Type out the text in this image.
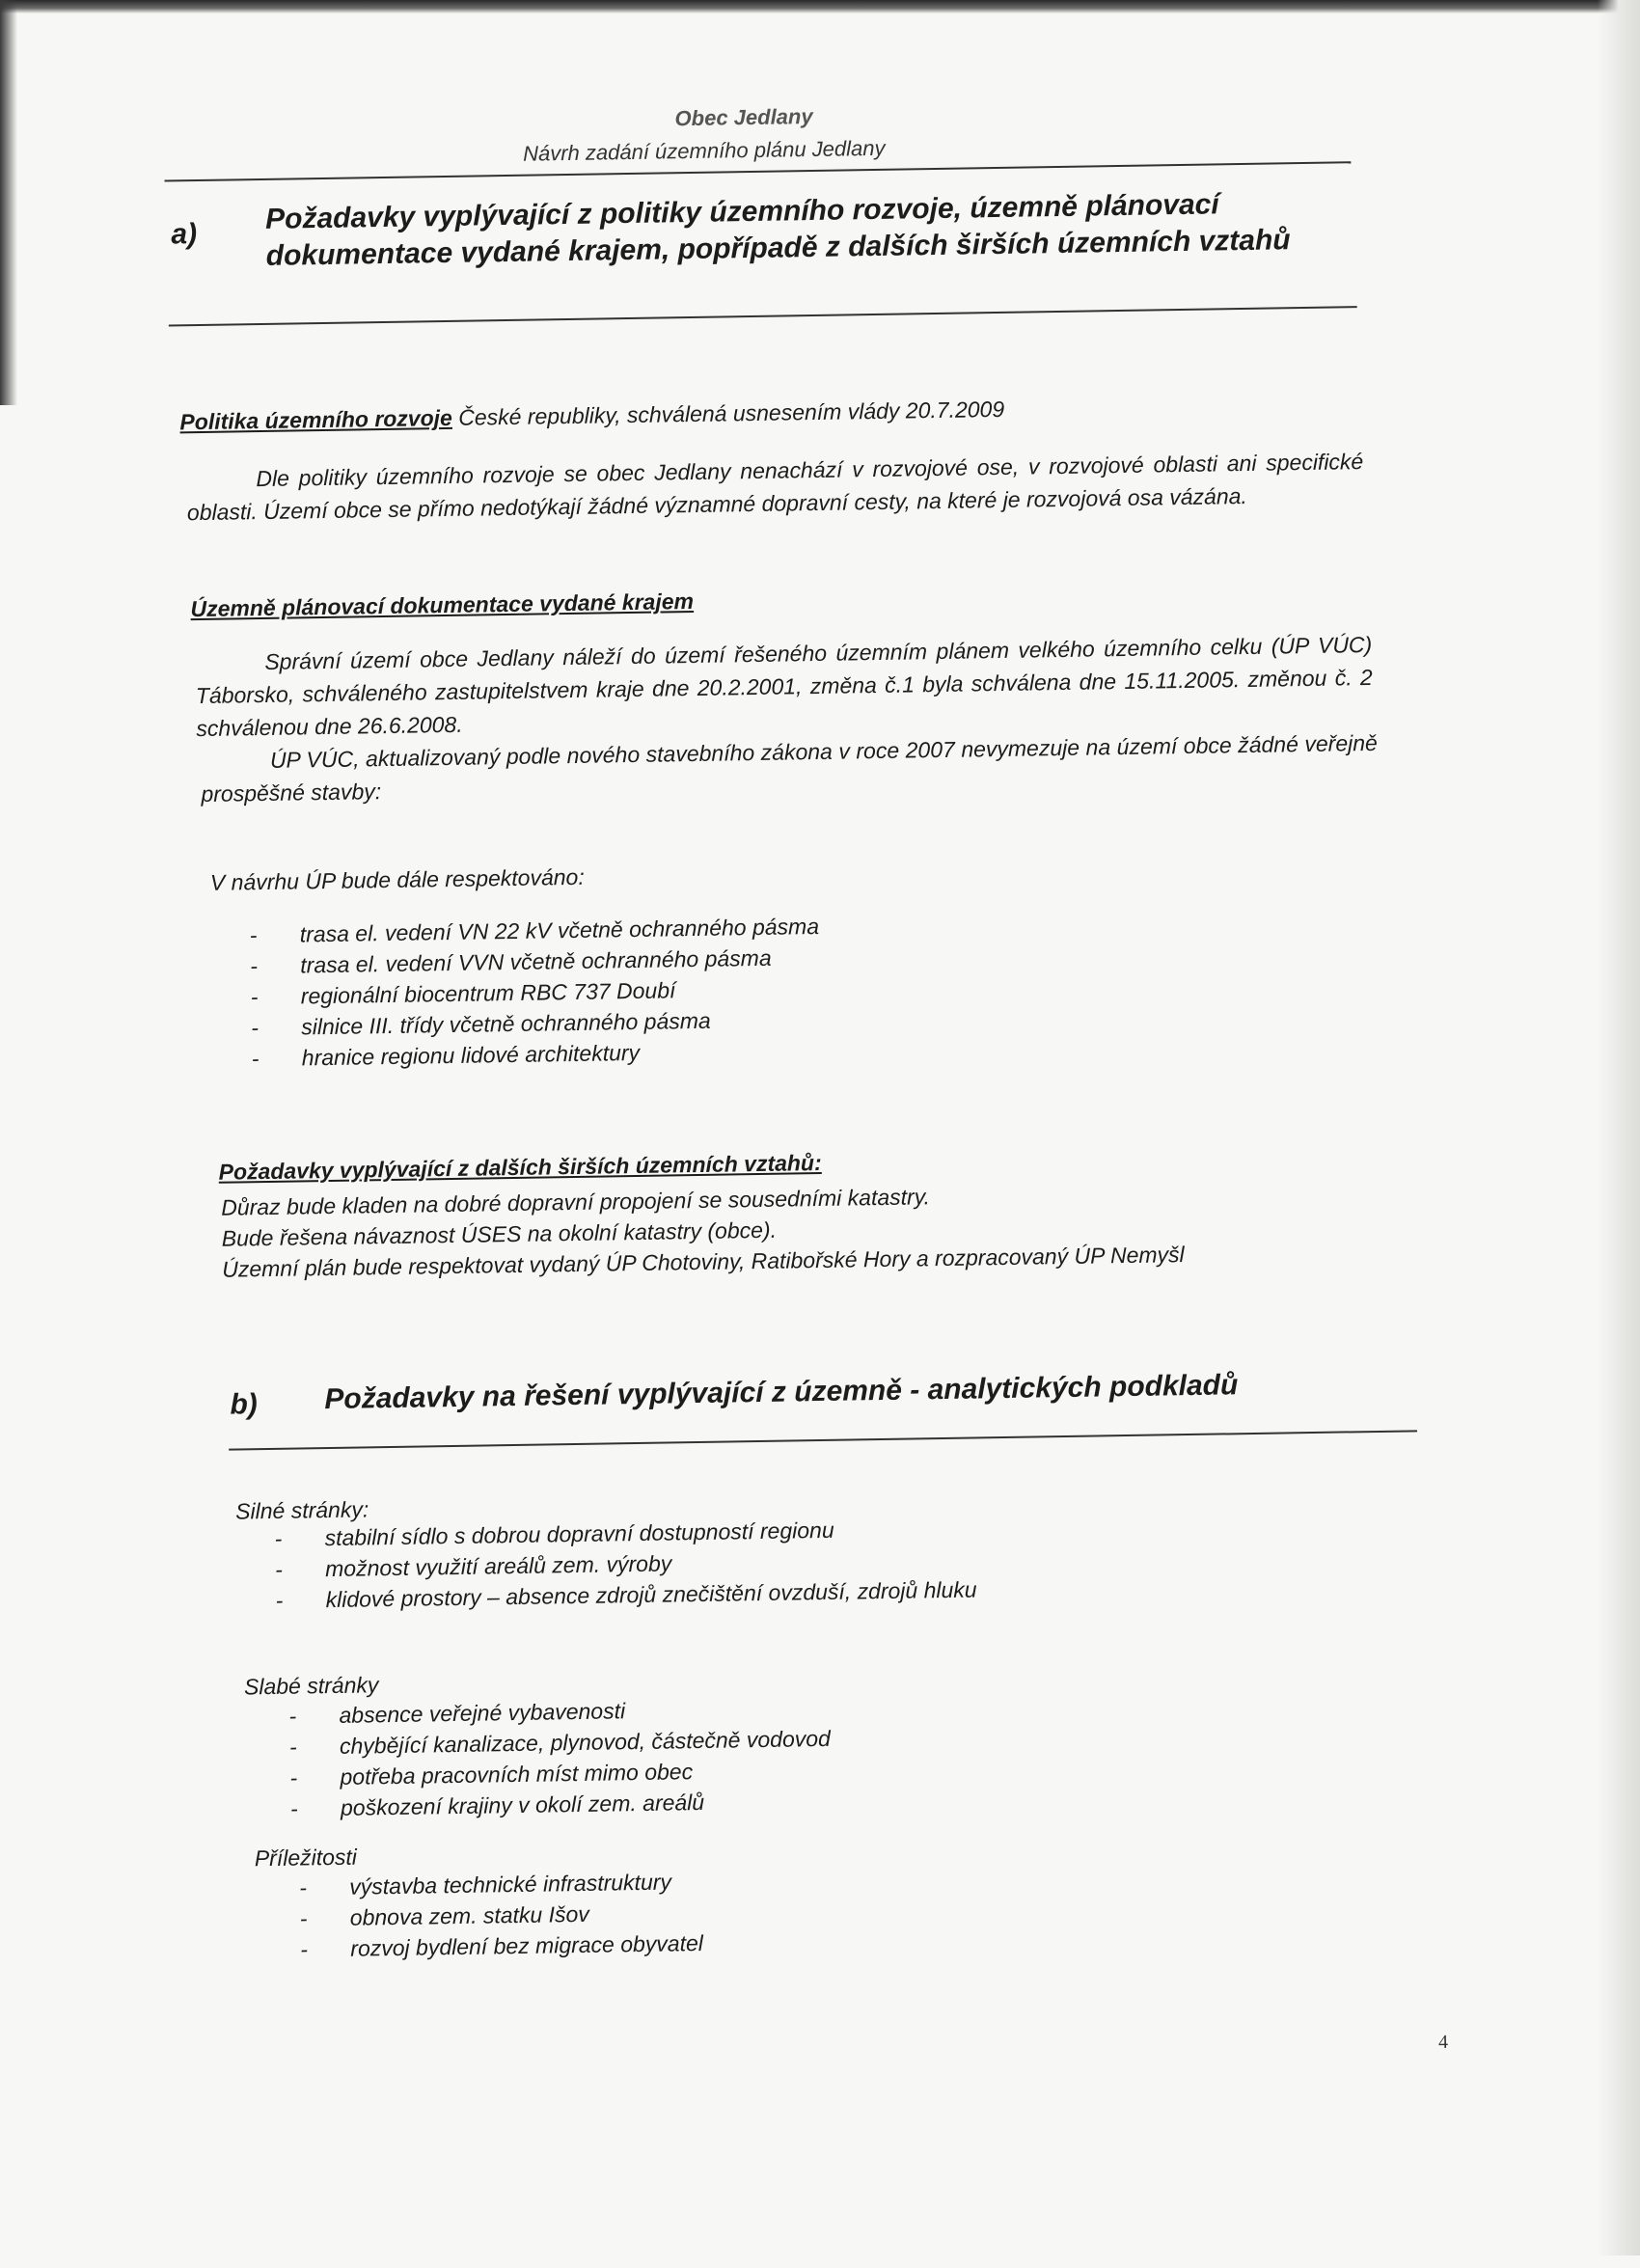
Obec Jedlany
Návrh zadání územního plánu Jedlany
a) Požadavky vyplývající z politiky územního rozvoje, územně plánovací dokumentace vydané krajem, popřípadě z dalších širších územních vztahů
Politika územního rozvoje České republiky, schválená usnesením vlády 20.7.2009
Dle politiky územního rozvoje se obec Jedlany nenachází v rozvojové ose, v rozvojové oblasti ani specifické oblasti. Území obce se přímo nedotýkají žádné významné dopravní cesty, na které je rozvojová osa vázána.
Územně plánovací dokumentace vydané krajem
Správní území obce Jedlany náleží do území řešeného územním plánem velkého územního celku (ÚP VÚC) Táborsko, schváleného zastupitelstvem kraje dne 20.2.2001, změna č.1 byla schválena dne 15.11.2005. změnou č. 2 schválenou dne 26.6.2008.
ÚP VÚC, aktualizovaný podle nového stavebního zákona v roce 2007 nevymezuje na území obce žádné veřejně prospěšné stavby:
V návrhu ÚP bude dále respektováno:
- trasa el. vedení VN 22 kV včetně ochranného pásma
- trasa el. vedení VVN včetně ochranného pásma
- regionální biocentrum RBC 737 Doubí
- silnice III. třídy včetně ochranného pásma
- hranice regionu lidové architektury
Požadavky vyplývající z dalších širších územních vztahů:
Důraz bude kladen na dobré dopravní propojení se sousedními katastry.
Bude řešena návaznost ÚSES na okolní katastry (obce).
Územní plán bude respektovat vydaný ÚP Chotoviny, Ratibořské Hory a rozpracovaný ÚP Nemyšl
b) Požadavky na řešení vyplývající z územně - analytických podkladů
Silné stránky:
- stabilní sídlo s dobrou dopravní dostupností regionu
- možnost využití areálů zem. výroby
- klidové prostory – absence zdrojů znečištění ovzduší, zdrojů hluku
Slabé stránky
- absence veřejné vybavenosti
- chybějící kanalizace, plynovod, částečně vodovod
- potřeba pracovních míst mimo obec
- poškození krajiny v okolí zem. areálů
Příležitosti
- výstavba technické infrastruktury
- obnova zem. statku Išov
- rozvoj bydlení bez migrace obyvatel
4
